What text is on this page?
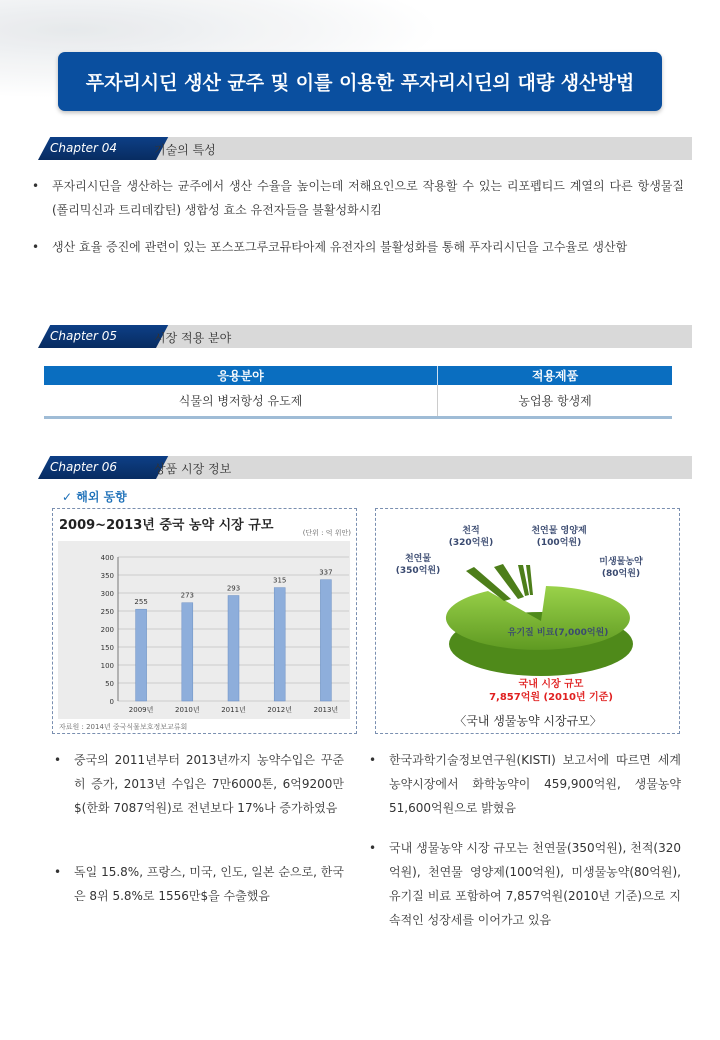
푸자리시딘 생산 균주 및 이를 이용한 푸자리시딘의 대량 생산방법
Chapter 04	기술의 특성
• 푸자리시딘을 생산하는 균주에서 생산 수율을 높이는데 저해요인으로 작용할 수 있는 리포펩티드 계열의 다른 항생물질(폴리믹신과 트리데캅틴) 생합성 효소 유전자들을 불활성화시킴
• 생산 효율 증진에 관련이 있는 포스포그루코뮤타아제 유전자의 불활성화를 통해 푸자리시딘을 고수율로 생산함
Chapter 05	시장 적용 분야
응용분야	적용제품
식물의 병저항성 유도제	농업용 항생제
Chapter 06	상품 시장 정보
✓ 해외 동향
2009~2013년 중국 농약 시장 규모	(단위 : 억 위안)
자료원 : 2014년 중국식물보호정보교류회
0
50
100
150
200
250
300
350
400
255
2009년
273
2010년
293
2011년
315
2012년
337
2013년
천연물
(350억원)
천적
(320억원)
천연물 영양제
(100억원)
미생물농약
(80억원)
유기질 비료(7,000억원)
국내 시장 규모
7,857억원 (2010년 기준)
〈국내 생물농약 시장규모〉
• 중국의 2011년부터 2013년까지 농약수입은 꾸준히 증가, 2013년 수입은 7만6000톤, 6억9200만$(한화 7087억원)로 전년보다 17%나 증가하였음
• 독일 15.8%, 프랑스, 미국, 인도, 일본 순으로, 한국은 8위 5.8%로 1556만$을 수출했음
• 한국과학기술정보연구원(KISTI) 보고서에 따르면 세계농약시장에서 화학농약이 459,900억원, 생물농약 51,600억원으로 밝혔음
• 국내 생물농약 시장 규모는 천연물(350억원), 천적(320억원), 천연물 영양제(100억원), 미생물농약(80억원), 유기질 비료 포함하여 7,857억원(2010년 기준)으로 지속적인 성장세를 이어가고 있음
